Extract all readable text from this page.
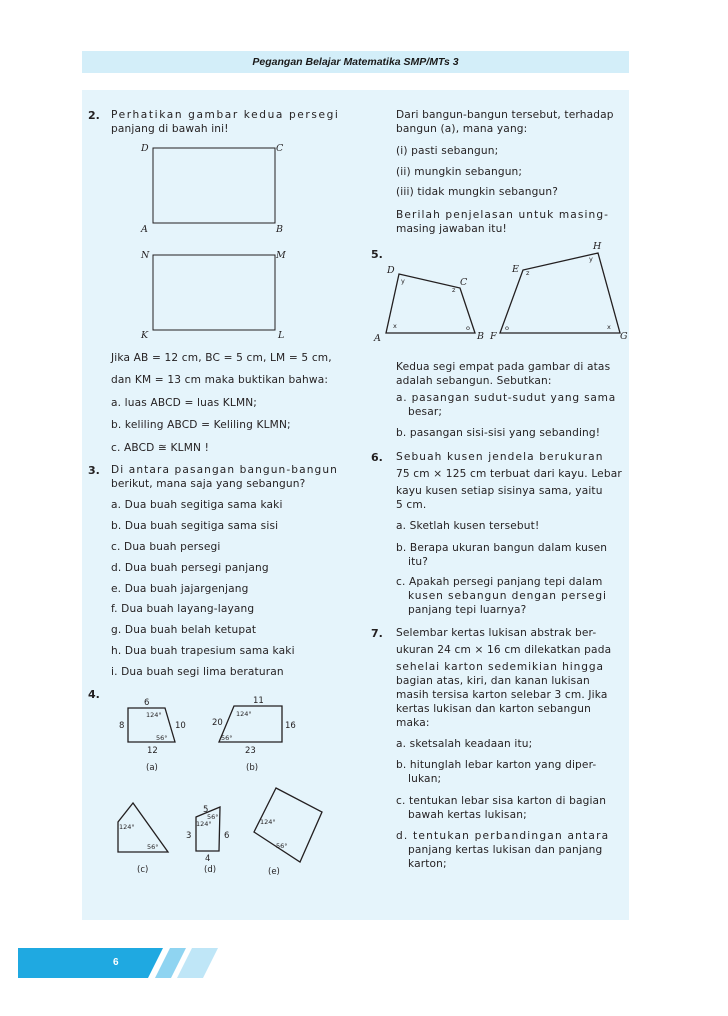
Pegangan Belajar Matematika SMP/MTs 3
2. Perhatikan gambar kedua persegi
panjang di bawah ini!
D	C
A	B
N	M
K	L
Jika AB = 12 cm, BC = 5 cm, LM = 5 cm,
dan KM = 13 cm maka buktikan bahwa:
a. luas ABCD = luas KLMN;
b. keliling ABCD = Keliling KLMN;
c. ABCD ≅ KLMN !
3. Di antara pasangan bangun-bangun
berikut, mana saja yang sebangun?
a. Dua buah segitiga sama kaki
b. Dua buah segitiga sama sisi
c. Dua buah persegi
d. Dua buah persegi panjang
e. Dua buah jajargenjang
f. Dua buah layang-layang
g. Dua buah belah ketupat
h. Dua buah trapesium sama kaki
i. Dua buah segi lima beraturan
4.
6
8	10
12
124°
56°
(a)
11
20	16
23
124°
56°
(b)
124°
56°
(c)
5
3	6
4
124°
56°
(d)
124°
56°
(e)
Dari bangun-bangun tersebut, terhadap
bangun (a), mana yang:
(i) pasti sebangun;
(ii) mungkin sebangun;
(iii) tidak mungkin sebangun?
Berilah penjelasan untuk masing-
masing jawaban itu!
5.
D
C
A	B
E
H
F	G
x
y
z
o	o
z
y
x
Kedua segi empat pada gambar di atas
adalah sebangun. Sebutkan:
a. pasangan sudut-sudut yang sama
besar;
b. pasangan sisi-sisi yang sebanding!
6. Sebuah kusen jendela berukuran
75 cm × 125 cm terbuat dari kayu. Lebar
kayu kusen setiap sisinya sama, yaitu
5 cm.
a. Sketlah kusen tersebut!
b. Berapa ukuran bangun dalam kusen
itu?
c. Apakah persegi panjang tepi dalam
kusen sebangun dengan persegi
panjang tepi luarnya?
7. Selembar kertas lukisan abstrak ber-
ukuran 24 cm × 16 cm dilekatkan pada
sehelai karton sedemikian hingga
bagian atas, kiri, dan kanan lukisan
masih tersisa karton selebar 3 cm. Jika
kertas lukisan dan karton sebangun
maka:
a. sketsalah keadaan itu;
b. hitunglah lebar karton yang diper-
lukan;
c. tentukan lebar sisa karton di bagian
bawah kertas lukisan;
d. tentukan perbandingan antara
panjang kertas lukisan dan panjang
karton;
6
